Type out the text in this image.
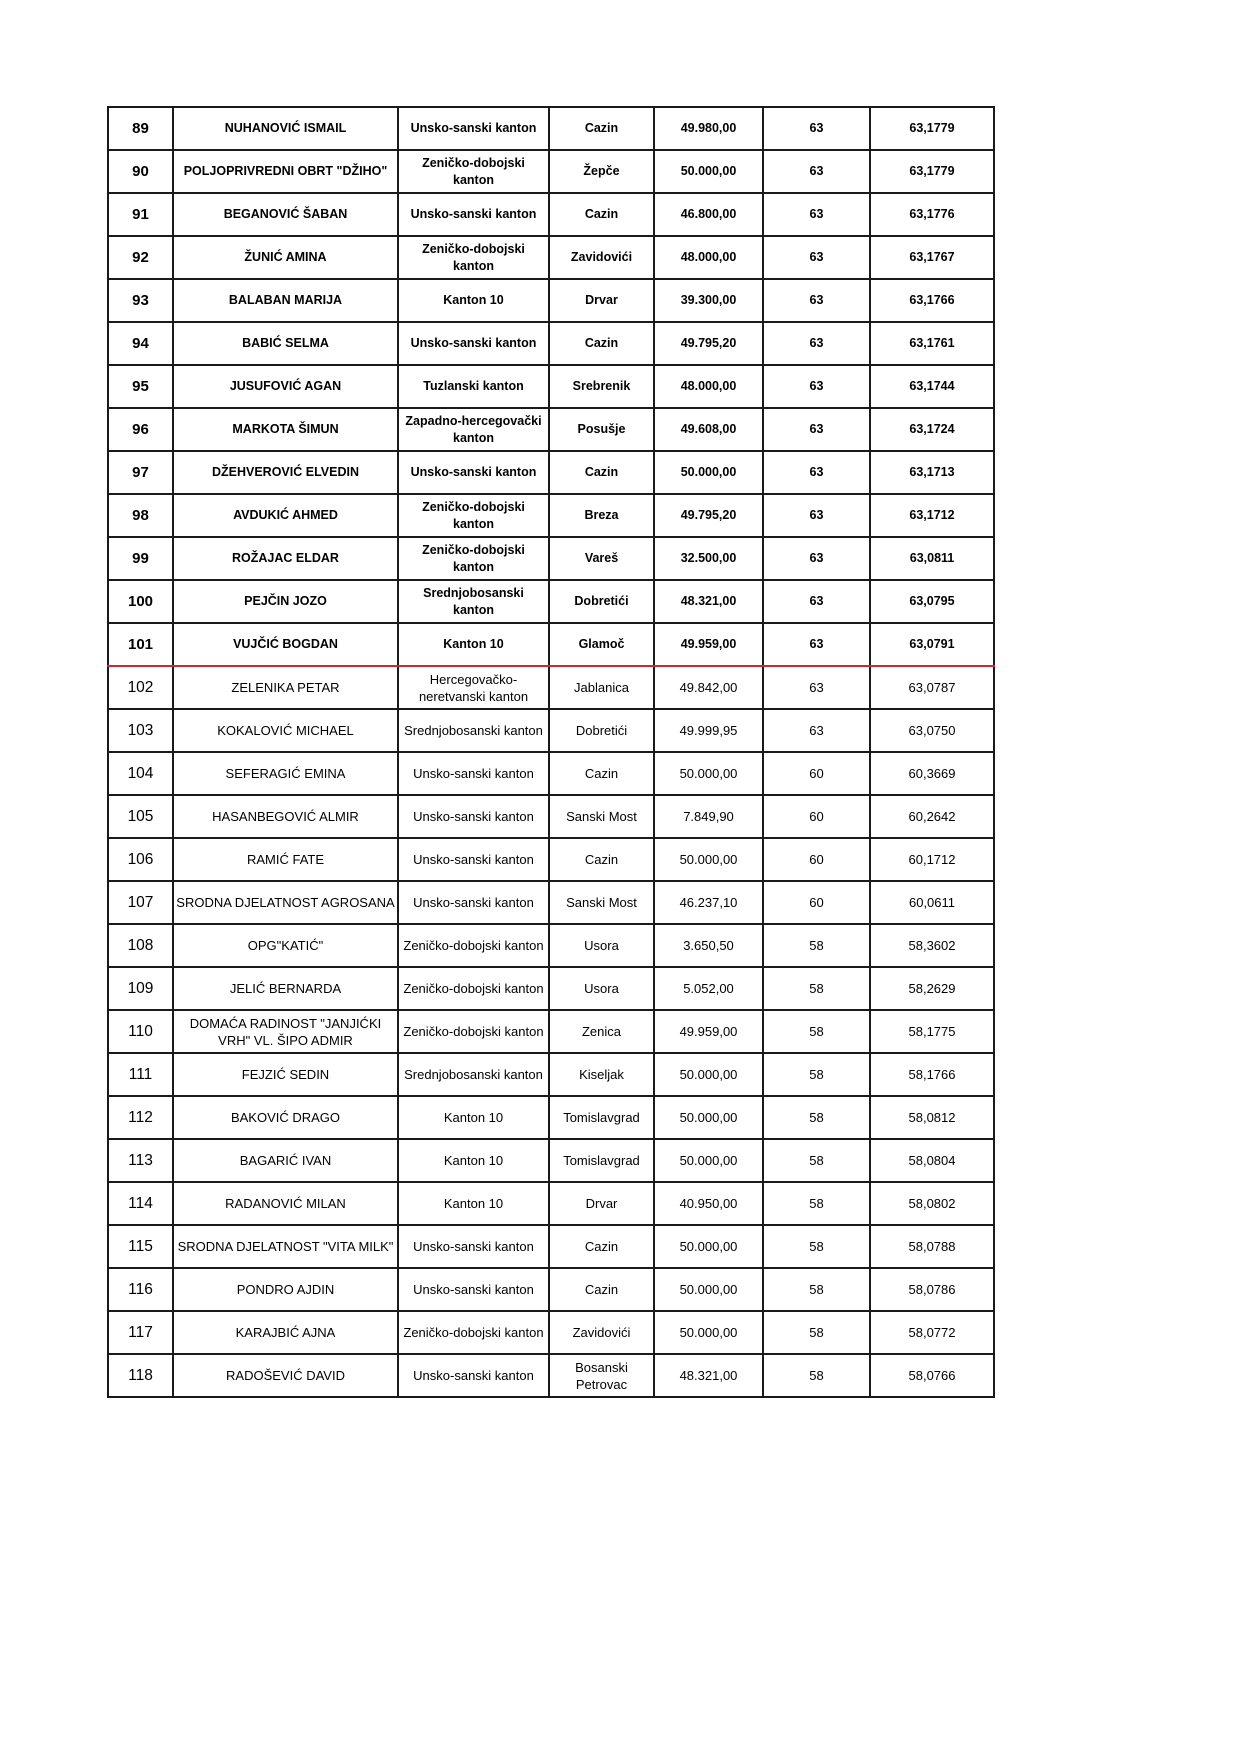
89	NUHANOVIĆ ISMAIL	Unsko-sanski kanton	Cazin	49.980,00	63	63,1779
90	POLJOPRIVREDNI OBRT "DŽIHO"	Zeničko-dobojski kanton	Žepče	50.000,00	63	63,1779
91	BEGANOVIĆ ŠABAN	Unsko-sanski kanton	Cazin	46.800,00	63	63,1776
92	ŽUNIĆ AMINA	Zeničko-dobojski kanton	Zavidovići	48.000,00	63	63,1767
93	BALABAN MARIJA	Kanton 10	Drvar	39.300,00	63	63,1766
94	BABIĆ SELMA	Unsko-sanski kanton	Cazin	49.795,20	63	63,1761
95	JUSUFOVIĆ AGAN	Tuzlanski kanton	Srebrenik	48.000,00	63	63,1744
96	MARKOTA ŠIMUN	Zapadno-hercegovački kanton	Posušje	49.608,00	63	63,1724
97	DŽEHVEROVIĆ ELVEDIN	Unsko-sanski kanton	Cazin	50.000,00	63	63,1713
98	AVDUKIĆ AHMED	Zeničko-dobojski kanton	Breza	49.795,20	63	63,1712
99	ROŽAJAC ELDAR	Zeničko-dobojski kanton	Vareš	32.500,00	63	63,0811
100	PEJČIN JOZO	Srednjobosanski kanton	Dobretići	48.321,00	63	63,0795
101	VUJČIĆ BOGDAN	Kanton 10	Glamoč	49.959,00	63	63,0791
102	ZELENIKA PETAR	Hercegovačko-neretvanski kanton	Jablanica	49.842,00	63	63,0787
103	KOKALOVIĆ MICHAEL	Srednjobosanski kanton	Dobretići	49.999,95	63	63,0750
104	SEFERAGIĆ EMINA	Unsko-sanski kanton	Cazin	50.000,00	60	60,3669
105	HASANBEGOVIĆ ALMIR	Unsko-sanski kanton	Sanski Most	7.849,90	60	60,2642
106	RAMIĆ FATE	Unsko-sanski kanton	Cazin	50.000,00	60	60,1712
107	SRODNA DJELATNOST AGROSANA	Unsko-sanski kanton	Sanski Most	46.237,10	60	60,0611
108	OPG"KATIĆ"	Zeničko-dobojski kanton	Usora	3.650,50	58	58,3602
109	JELIĆ BERNARDA	Zeničko-dobojski kanton	Usora	5.052,00	58	58,2629
110	DOMAĆA RADINOST "JANJIĆKI VRH" VL. ŠIPO ADMIR	Zeničko-dobojski kanton	Zenica	49.959,00	58	58,1775
111	FEJZIĆ SEDIN	Srednjobosanski kanton	Kiseljak	50.000,00	58	58,1766
112	BAKOVIĆ DRAGO	Kanton 10	Tomislavgrad	50.000,00	58	58,0812
113	BAGARIĆ IVAN	Kanton 10	Tomislavgrad	50.000,00	58	58,0804
114	RADANOVIĆ MILAN	Kanton 10	Drvar	40.950,00	58	58,0802
115	SRODNA DJELATNOST "VITA MILK"	Unsko-sanski kanton	Cazin	50.000,00	58	58,0788
116	PONDRO AJDIN	Unsko-sanski kanton	Cazin	50.000,00	58	58,0786
117	KARAJBIĆ AJNA	Zeničko-dobojski kanton	Zavidovići	50.000,00	58	58,0772
118	RADOŠEVIĆ DAVID	Unsko-sanski kanton	Bosanski Petrovac	48.321,00	58	58,0766
